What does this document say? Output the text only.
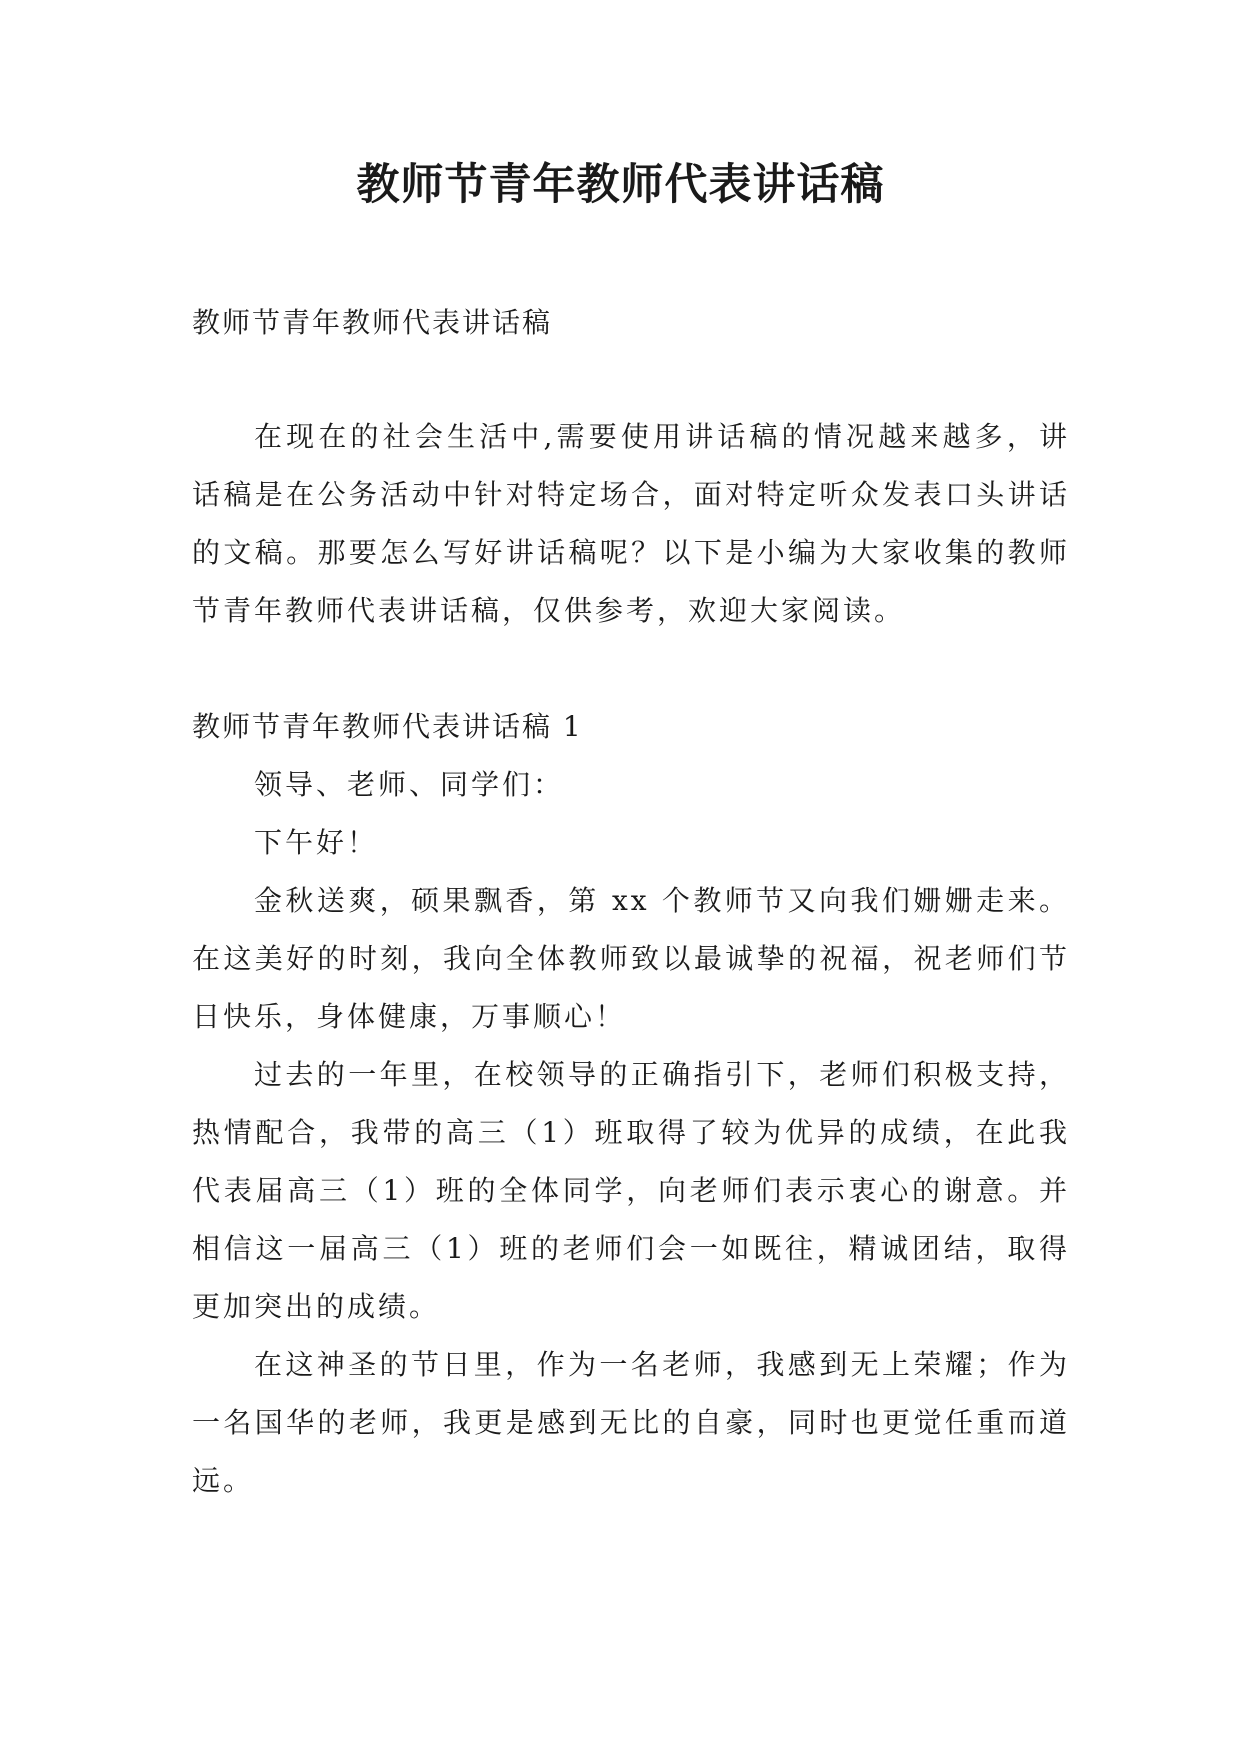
教师节青年教师代表讲话稿

教师节青年教师代表讲话稿

在现在的社会生活中,需要使用讲话稿的情况越来越多，讲话稿是在公务活动中针对特定场合，面对特定听众发表口头讲话的文稿。那要怎么写好讲话稿呢？以下是小编为大家收集的教师节青年教师代表讲话稿，仅供参考，欢迎大家阅读。

教师节青年教师代表讲话稿 1

领导、老师、同学们：

下午好！

金秋送爽，硕果飘香，第 xx 个教师节又向我们姗姗走来。在这美好的时刻，我向全体教师致以最诚挚的祝福，祝老师们节日快乐，身体健康，万事顺心！

过去的一年里，在校领导的正确指引下，老师们积极支持，热情配合，我带的高三（1）班取得了较为优异的成绩，在此我代表届高三（1）班的全体同学，向老师们表示衷心的谢意。并相信这一届高三（1）班的老师们会一如既往，精诚团结，取得更加突出的成绩。

在这神圣的节日里，作为一名老师，我感到无上荣耀；作为一名国华的老师，我更是感到无比的自豪，同时也更觉任重而道远。
